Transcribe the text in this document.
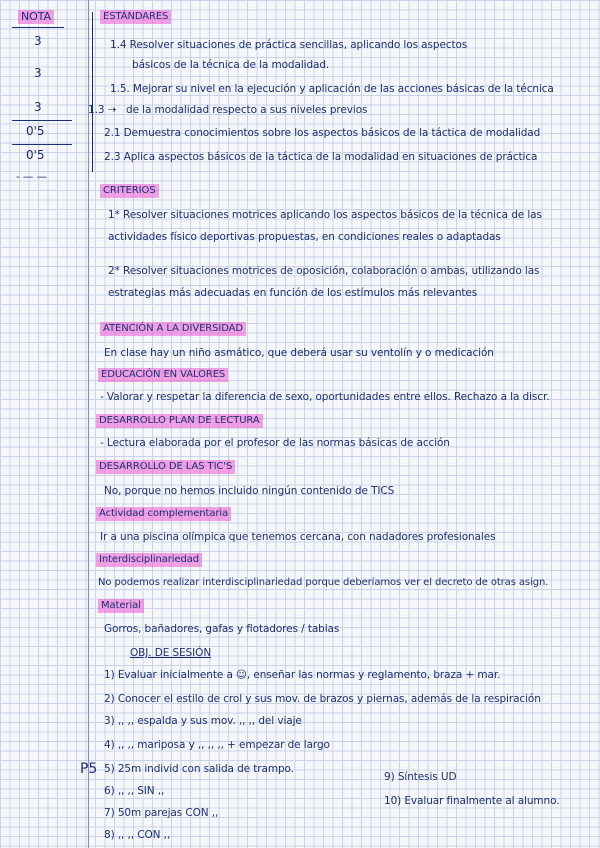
NOTA
3
3
3
0'5
0'5
- — —
ESTÁNDARES
1.4 Resolver situaciones de práctica sencillas, aplicando los aspectos
básicos de la técnica de la modalidad.
1.5. Mejorar su nivel en la ejecución y aplicación de las acciones básicas de la técnica
1.3 ⇢ de la modalidad respecto a sus niveles previos
2.1 Demuestra conocimientos sobre los aspectos básicos de la táctica de modalidad
2.3 Aplica aspectos básicos de la táctica de la modalidad en situaciones de práctica
CRITERIOS
1* Resolver situaciones motrices aplicando los aspectos básicos de la técnica de las
actividades físico deportivas propuestas, en condiciones reales o adaptadas
2* Resolver situaciones motrices de oposición, colaboración o ambas, utilizando las
estrategias más adecuadas en función de los estímulos más relevantes
ATENCIÓN A LA DIVERSIDAD
En clase hay un niño asmático, que deberá usar su ventolín y o medicación
EDUCACIÓN EN VALORES
- Valorar y respetar la diferencia de sexo, oportunidades entre ellos. Rechazo a la discr.
DESARROLLO PLAN DE LECTURA
- Lectura elaborada por el profesor de las normas básicas de acción
DESARROLLO DE LAS TIC'S
No, porque no hemos incluido ningún contenido de TICS
Actividad complementaria
Ir a una piscina olímpica que tenemos cercana, con nadadores profesionales
Interdisciplinariedad
No podemos realizar interdisciplinariedad porque deberíamos ver el decreto de otras asign.
Material
Gorros, bañadores, gafas y flotadores / tablas
OBJ. DE SESIÓN
1) Evaluar inicialmente a ☺, enseñar las normas y reglamento, braza + mar.
2) Conocer el estilo de crol y sus mov. de brazos y piernas, además de la respiración
3) ,, ,, espalda y sus mov. ,, ,, del viaje
4) ,, ,, mariposa y ,, ,, ,, + empezar de largo
P5 5) 25m individ con salida de trampo.
6) ,, ,, SIN ,,
7) 50m parejas CON ,,
8) ,, ,, CON ,,
9) Síntesis UD
10) Evaluar finalmente al alumno.
